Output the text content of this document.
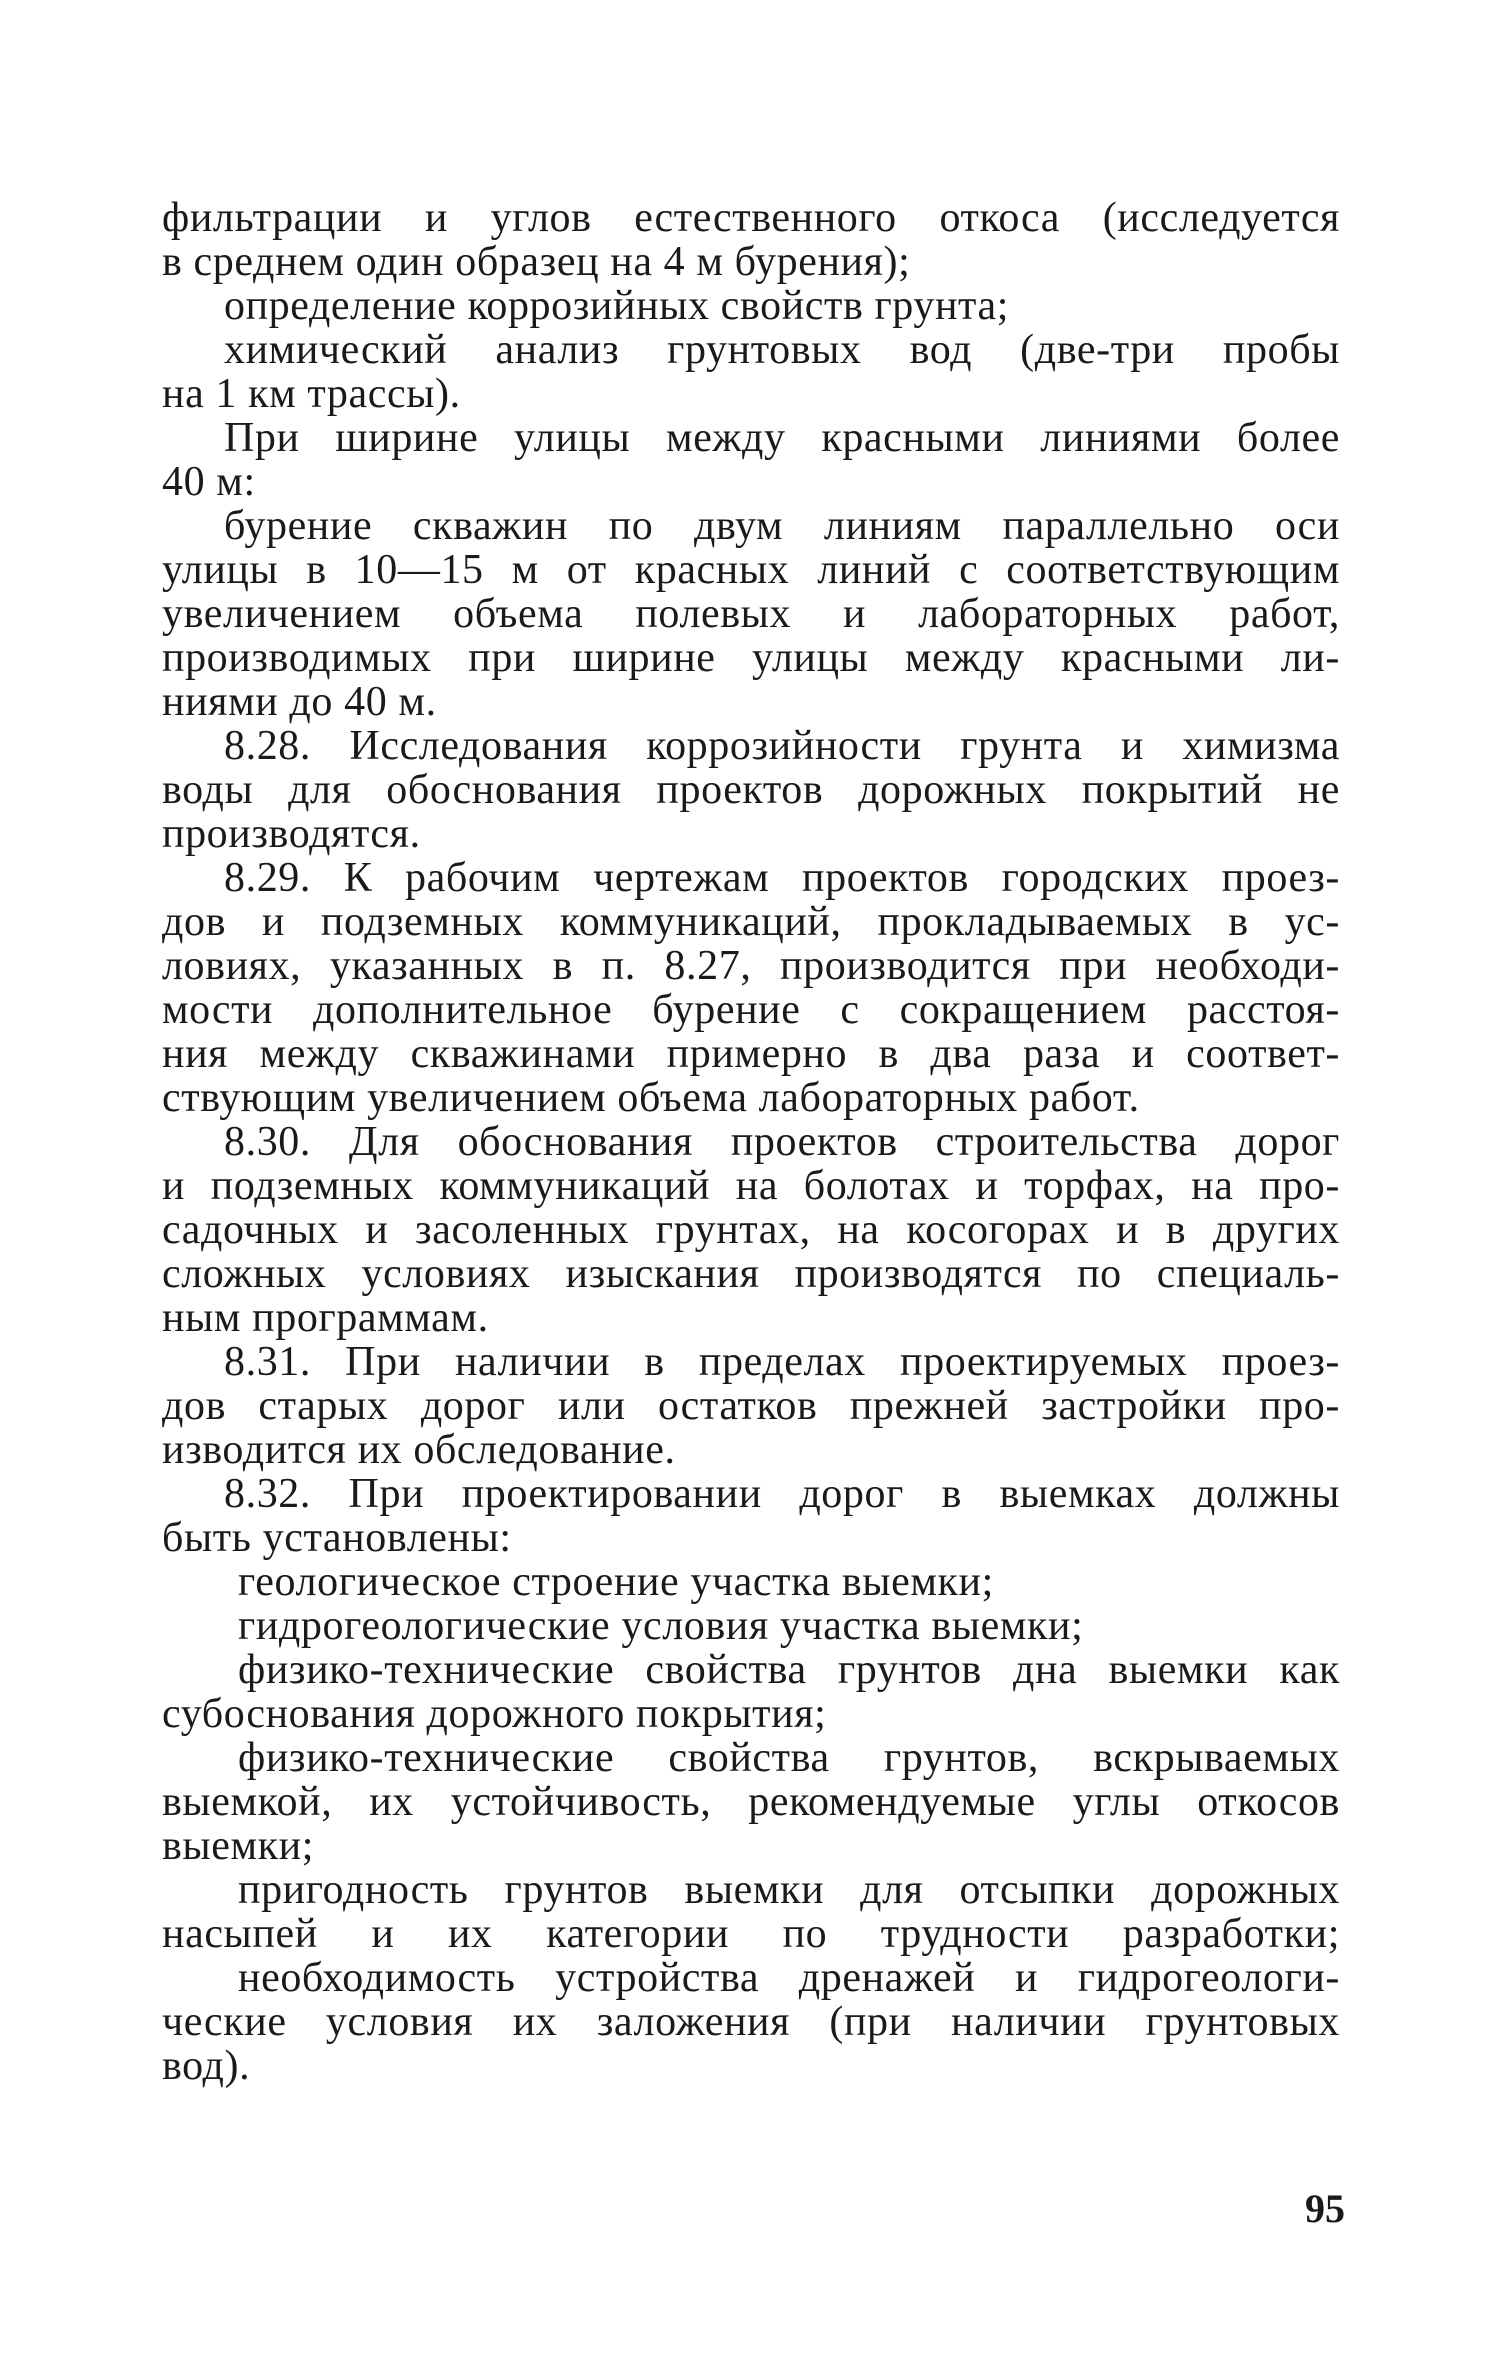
фильтрации и углов естественного откоса (исследуется
в среднем один образец на 4 м бурения);
определение коррозийных свойств грунта;
химический анализ грунтовых вод (две-три пробы
на 1 км трассы).
При ширине улицы между красными линиями более
40 м:
бурение скважин по двум линиям параллельно оси
улицы в 10—15 м от красных линий с соответствующим
увеличением объема полевых и лабораторных работ,
производимых при ширине улицы между красными ли-
ниями до 40 м.
8.28. Исследования коррозийности грунта и химизма
воды для обоснования проектов дорожных покрытий не
производятся.
8.29. К рабочим чертежам проектов городских проез-
дов и подземных коммуникаций, прокладываемых в ус-
ловиях, указанных в п. 8.27, производится при необходи-
мости дополнительное бурение с сокращением расстоя-
ния между скважинами примерно в два раза и соответ-
ствующим увеличением объема лабораторных работ.
8.30. Для обоснования проектов строительства дорог
и подземных коммуникаций на болотах и торфах, на про-
садочных и засоленных грунтах, на косогорах и в других
сложных условиях изыскания производятся по специаль-
ным программам.
8.31. При наличии в пределах проектируемых проез-
дов старых дорог или остатков прежней застройки про-
изводится их обследование.
8.32. При проектировании дорог в выемках должны
быть установлены:
геологическое строение участка выемки;
гидрогеологические условия участка выемки;
физико-технические свойства грунтов дна выемки как
субоснования дорожного покрытия;
физико-технические свойства грунтов, вскрываемых
выемкой, их устойчивость, рекомендуемые углы откосов
выемки;
пригодность грунтов выемки для отсыпки дорожных
насыпей и их категории по трудности разработки;
необходимость устройства дренажей и гидрогеологи-
ческие условия их заложения (при наличии грунтовых
вод).
95
